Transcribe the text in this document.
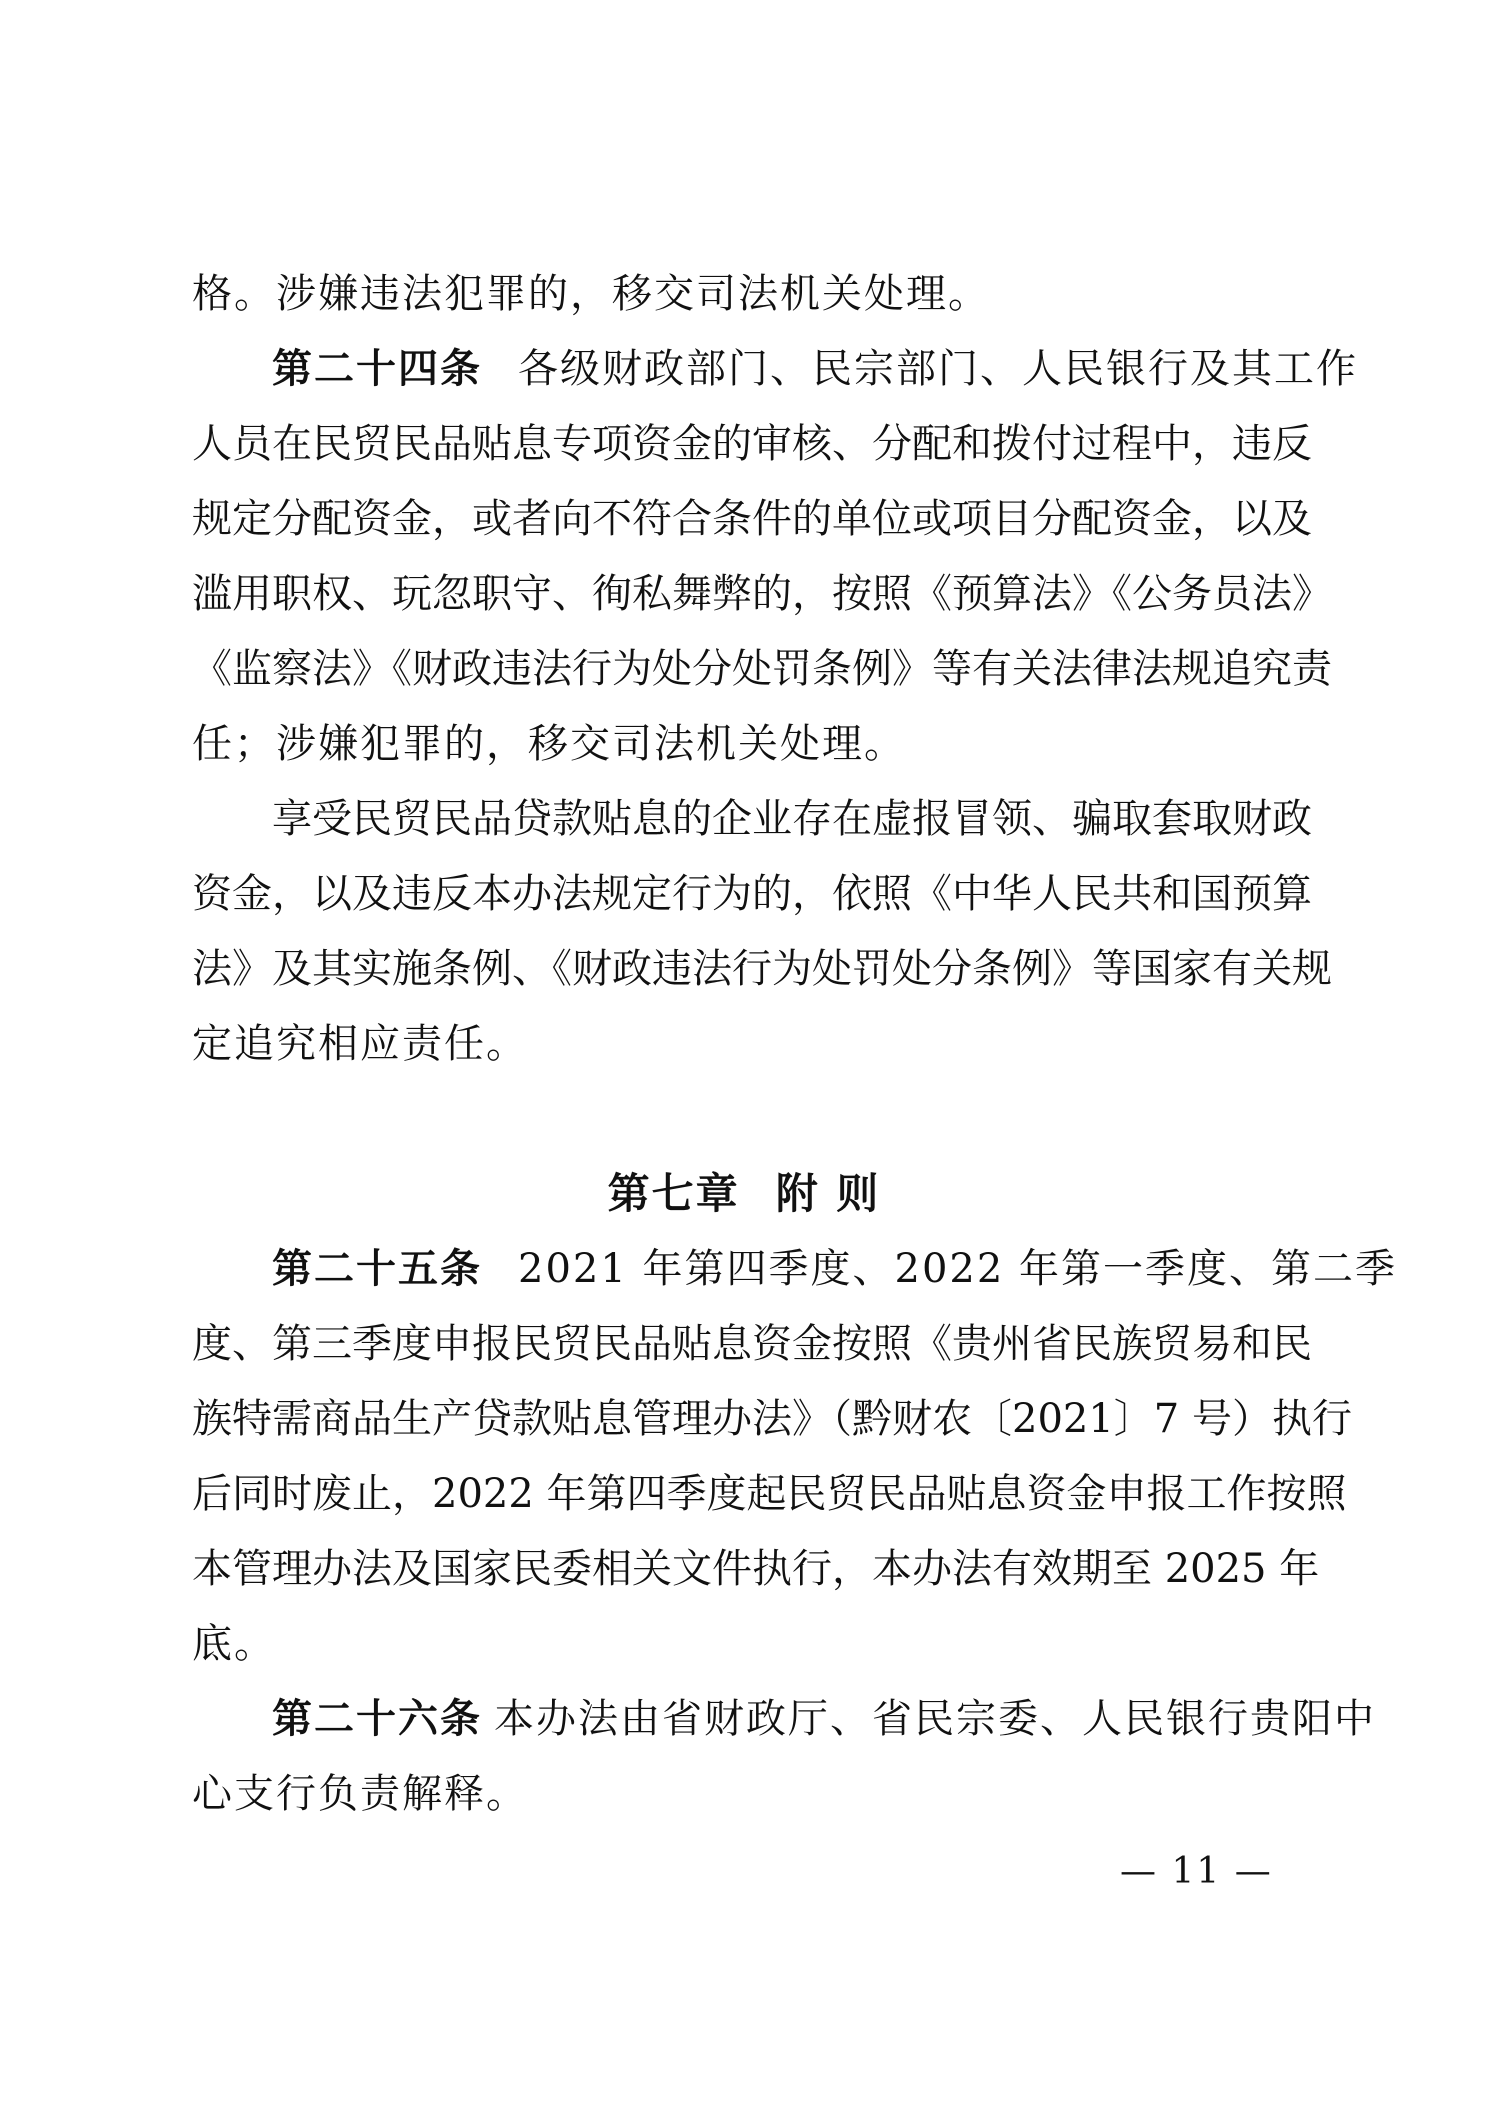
格。涉嫌违法犯罪的，移交司法机关处理。
第二十四条 各级财政部门、民宗部门、人民银行及其工作
人员在民贸民品贴息专项资金的审核、分配和拨付过程中，违反
规定分配资金，或者向不符合条件的单位或项目分配资金，以及
滥用职权、玩忽职守、徇私舞弊的，按照《预算法》《公务员法》
《监察法》《财政违法行为处分处罚条例》等有关法律法规追究责
任；涉嫌犯罪的，移交司法机关处理。
享受民贸民品贷款贴息的企业存在虚报冒领、骗取套取财政
资金，以及违反本办法规定行为的，依照《中华人民共和国预算
法》及其实施条例、《财政违法行为处罚处分条例》等国家有关规
定追究相应责任。
第七章 附 则
第二十五条 2021 年第四季度、2022 年第一季度、第二季
度、第三季度申报民贸民品贴息资金按照《贵州省民族贸易和民
族特需商品生产贷款贴息管理办法》（黔财农〔2021〕7 号）执行
后同时废止，2022 年第四季度起民贸民品贴息资金申报工作按照
本管理办法及国家民委相关文件执行，本办法有效期至 2025 年
底。
第二十六条 本办法由省财政厅、省民宗委、人民银行贵阳中
心支行负责解释。
— 11 —
